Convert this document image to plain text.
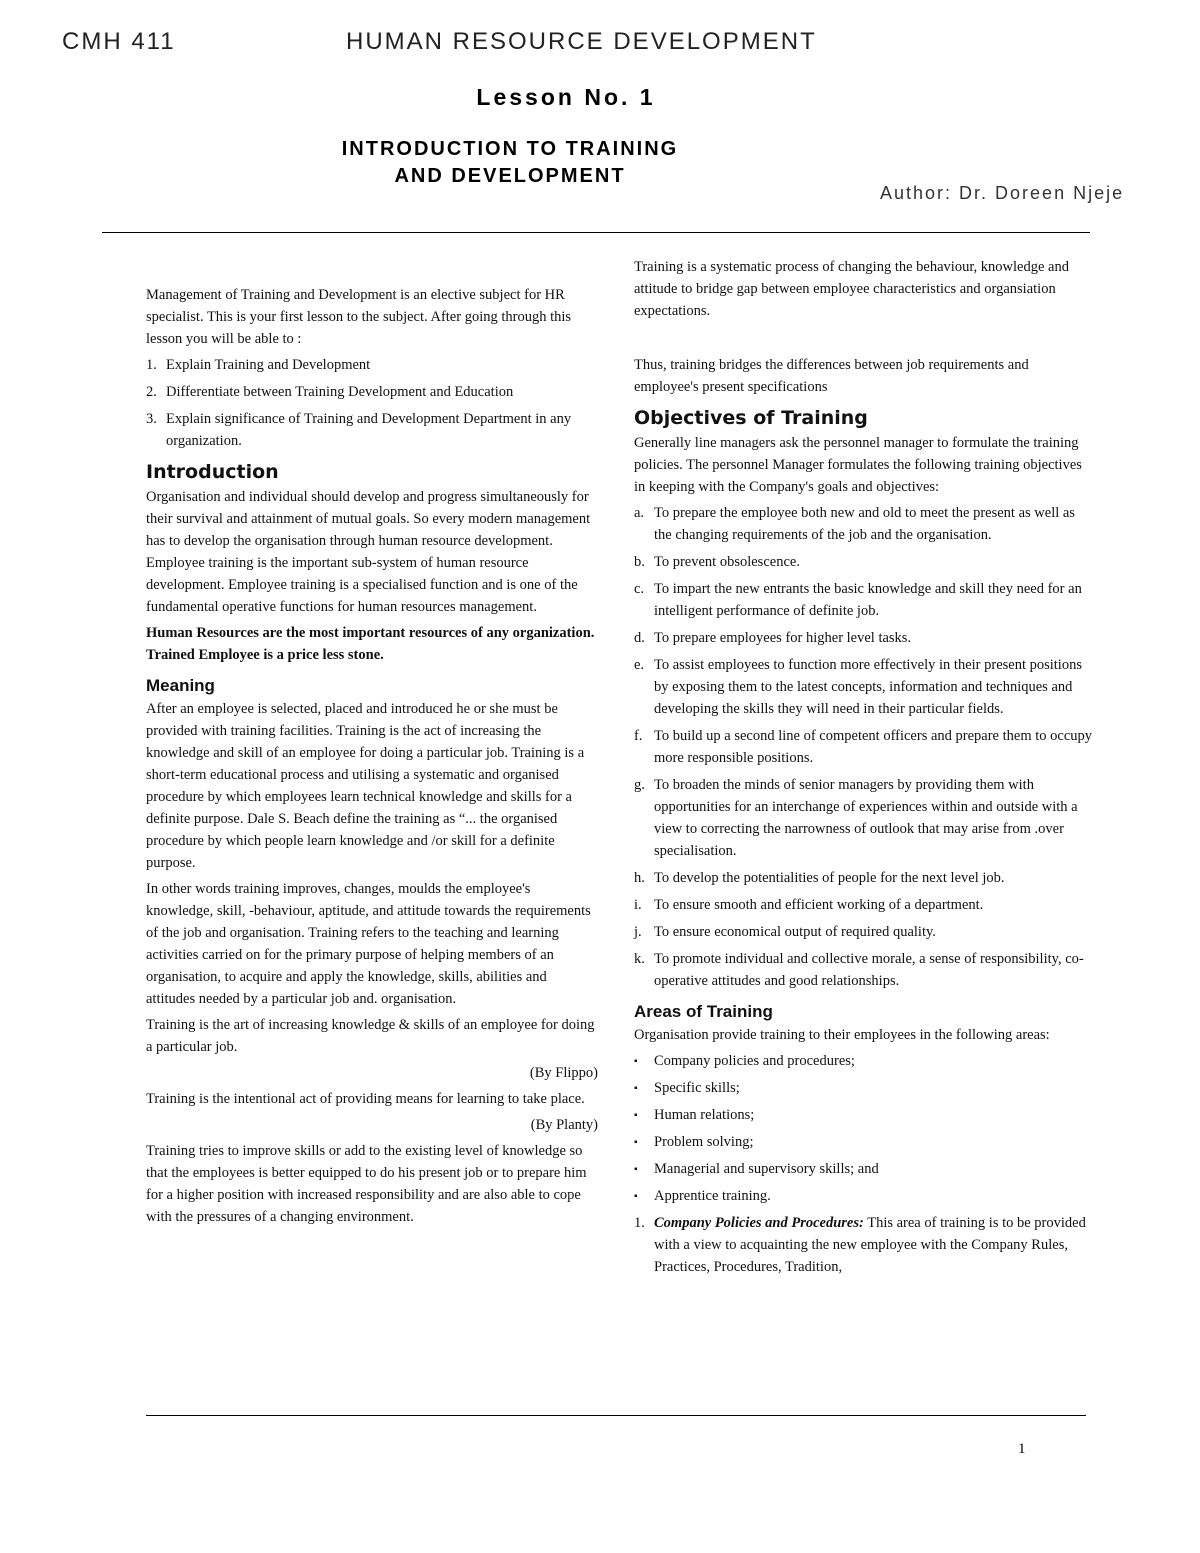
CMH 411	HUMAN RESOURCE DEVELOPMENT
Lesson No. 1
INTRODUCTION TO TRAINING
AND DEVELOPMENT
Author: Dr. Doreen Njeje

Management of Training and Development is an elective subject for HR specialist. This is your first lesson to the subject. After going through this lesson you will be able to :

1. Explain Training and Development
2. Differentiate between Training Development and Education
3. Explain significance of Training and Development Department in any organization.
Introduction

Organisation and individual should develop and progress simultaneously for their survival and attainment of mutual goals. So every modern management has to develop the organisation through human resource development. Employee training is the important sub-system of human resource development. Employee training is a specialised function and is one of the fundamental operative functions for human resources management.

Human Resources are the most important resources of any organization. Trained Employee is a price less stone.

Meaning

After an employee is selected, placed and introduced he or she must be provided with training facilities. Training is the act of increasing the knowledge and skill of an employee for doing a particular job. Training is a short-term educational process and utilising a systematic and organised procedure by which employees learn technical knowledge and skills for a definite purpose. Dale S. Beach define the training as “... the organised procedure by which people learn knowledge and /or skill for a definite purpose.

In other words training improves, changes, moulds the employee's knowledge, skill, -behaviour, aptitude, and attitude towards the requirements of the job and organisation. Training refers to the teaching and learning activities carried on for the primary purpose of helping members of an organisation, to acquire and apply the knowledge, skills, abilities and attitudes needed by a particular job and. organisation.

Training is the art of increasing knowledge & skills of an employee for doing a particular job.

(By Flippo)

Training is the intentional act of providing means for learning to take place.

(By Planty)

Training tries to improve skills or add to the existing level of knowledge so that the employees is better equipped to do his present job or to prepare him for a higher position with increased responsibility and are also able to cope with the pressures of a changing environment.

Training is a systematic process of changing the behaviour, knowledge and attitude to bridge gap between employee characteristics and organsiation expectations.

Thus, training bridges the differences between job requirements and employee's present specifications

Objectives of Training

Generally line managers ask the personnel manager to formulate the training policies. The personnel Manager formulates the following training objectives in keeping with the Company's goals and objectives:

a. To prepare the employee both new and old to meet the present as well as the changing requirements of the job and the organisation.
b. To prevent obsolescence.
c. To impart the new entrants the basic knowledge and skill they need for an intelligent performance of definite job.
d. To prepare employees for higher level tasks.
e. To assist employees to function more effectively in their present positions by exposing them to the latest concepts, information and techniques and developing the skills they will need in their particular fields.
f. To build up a second line of competent officers and prepare them to occupy more responsible positions.
g. To broaden the minds of senior managers by providing them with opportunities for an interchange of experiences within and outside with a view to correcting the narrowness of outlook that may arise from .over specialisation.
h. To develop the potentialities of people for the next level job.
i. To ensure smooth and efficient working of a department.
j. To ensure economical output of required quality.
k. To promote individual and collective morale, a sense of responsibility, co-operative attitudes and good relationships.
Areas of Training

Organisation provide training to their employees in the following areas:

▪ Company policies and procedures;
▪ Specific skills;
▪ Human relations;
▪ Problem solving;
▪ Managerial and supervisory skills; and
▪ Apprentice training.
1. Company Policies and Procedures: This area of training is to be provided with a view to acquainting the new employee with the Company Rules, Practices, Procedures, Tradition,
1
